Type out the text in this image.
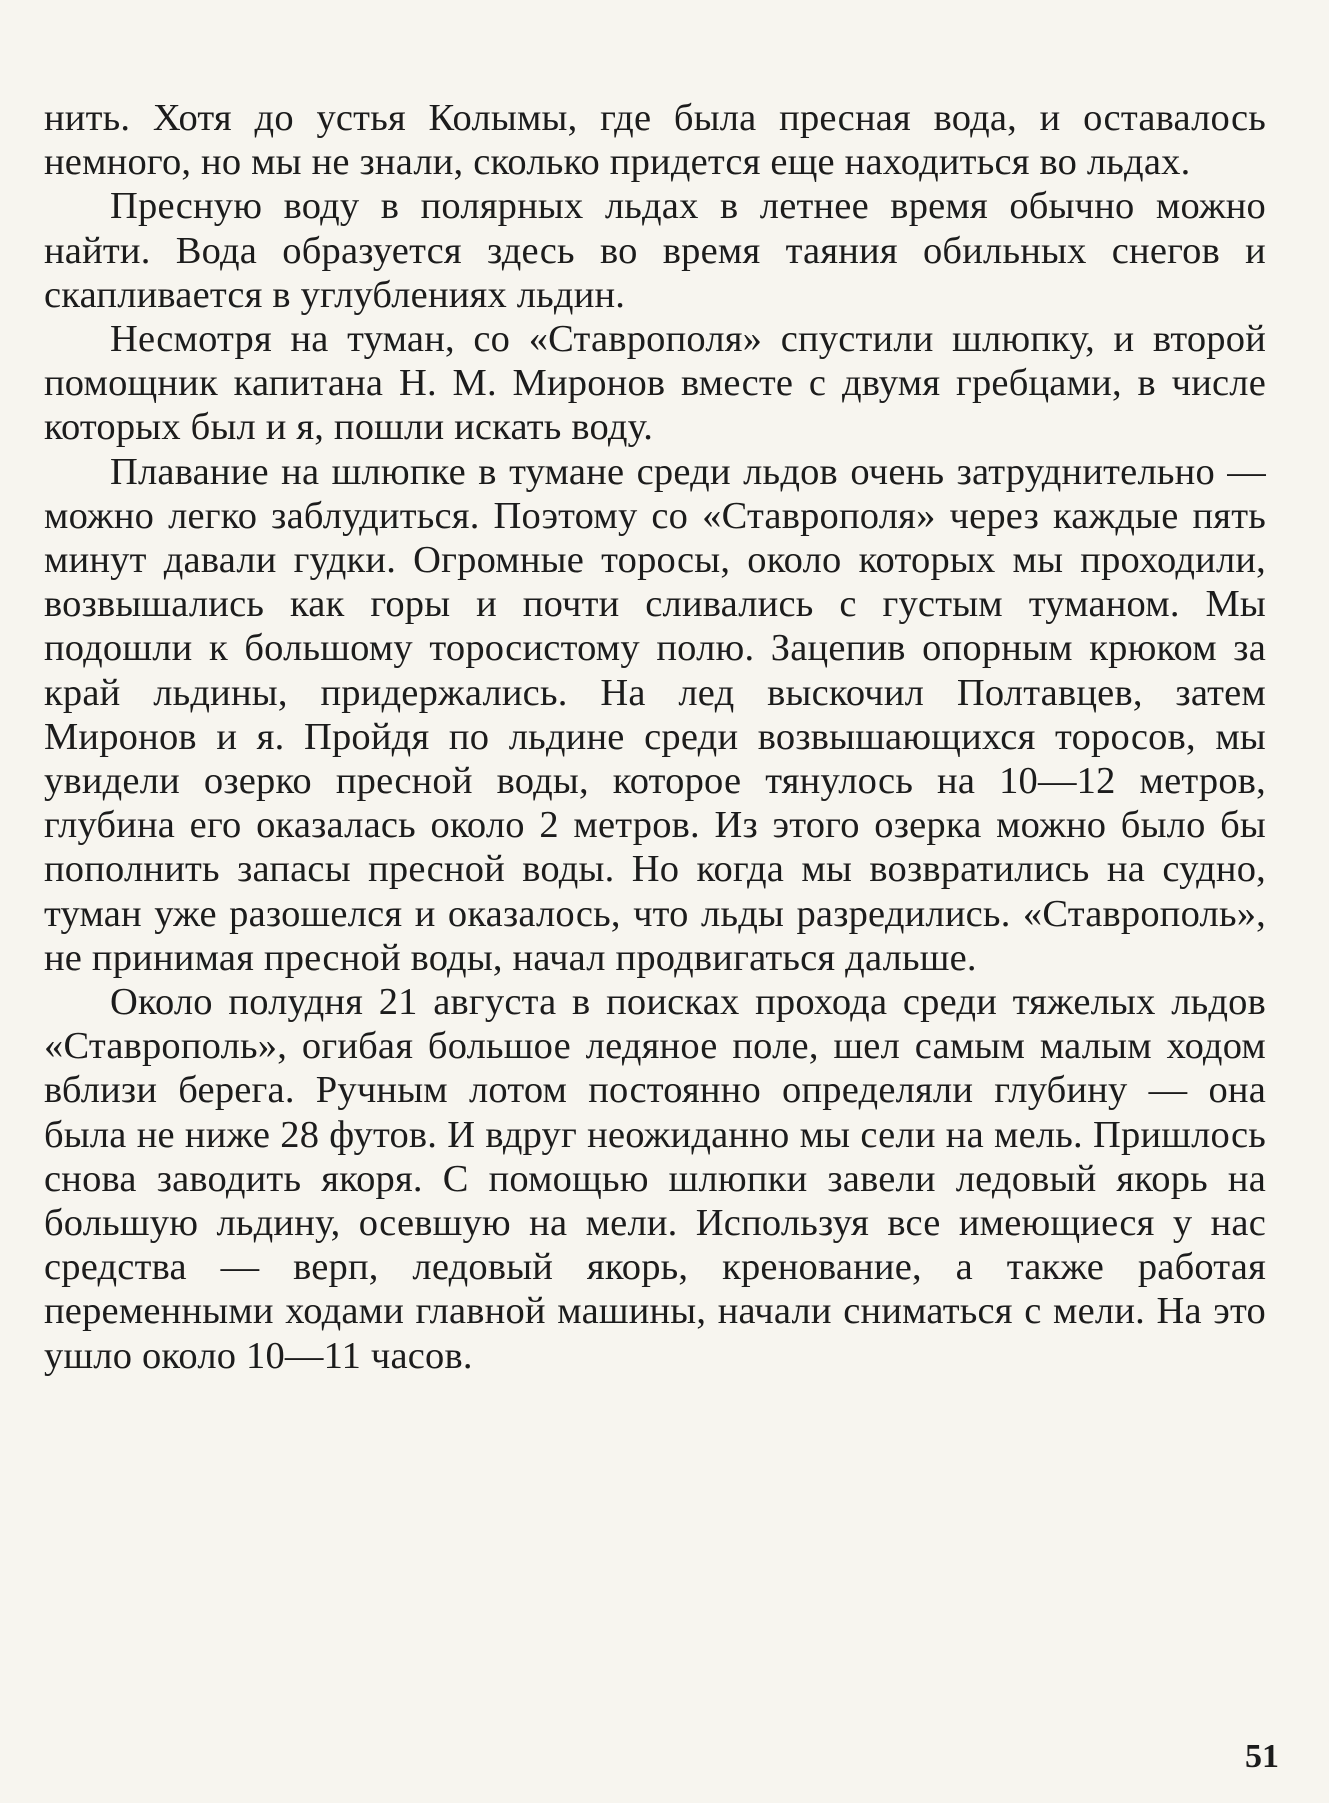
нить. Хотя до устья Колымы, где была пресная вода, и оставалось немного, но мы не знали, сколько придется еще находиться во льдах.

Пресную воду в полярных льдах в летнее время обычно можно найти. Вода образуется здесь во время таяния обильных снегов и скапливается в углублениях льдин.

Несмотря на туман, со «Ставрополя» спустили шлюпку, и второй помощник капитана Н. М. Миронов вместе с двумя гребцами, в числе которых был и я, пошли искать воду.

Плавание на шлюпке в тумане среди льдов очень затруднительно — можно легко заблудиться. Поэтому со «Ставрополя» через каждые пять минут давали гудки. Огромные торосы, около которых мы проходили, возвышались как горы и почти сливались с густым туманом. Мы подошли к большому торосистому полю. Зацепив опорным крюком за край льдины, придержались. На лед выскочил Полтавцев, затем Миронов и я. Пройдя по льдине среди возвышающихся торосов, мы увидели озерко пресной воды, которое тянулось на 10—12 метров, глубина его оказалась около 2 метров. Из этого озерка можно было бы пополнить запасы пресной воды. Но когда мы возвратились на судно, туман уже разошелся и оказалось, что льды разредились. «Ставрополь», не принимая пресной воды, начал продвигаться дальше.

Около полудня 21 августа в поисках прохода среди тяжелых льдов «Ставрополь», огибая большое ледяное поле, шел самым малым ходом вблизи берега. Ручным лотом постоянно определяли глубину — она была не ниже 28 футов. И вдруг неожиданно мы сели на мель. Пришлось снова заводить якоря. С помощью шлюпки завели ледовый якорь на большую льдину, осевшую на мели. Используя все имеющиеся у нас средства — верп, ледовый якорь, кренование, а также работая переменными ходами главной машины, начали сниматься с мели. На это ушло около 10—11 часов.

51
